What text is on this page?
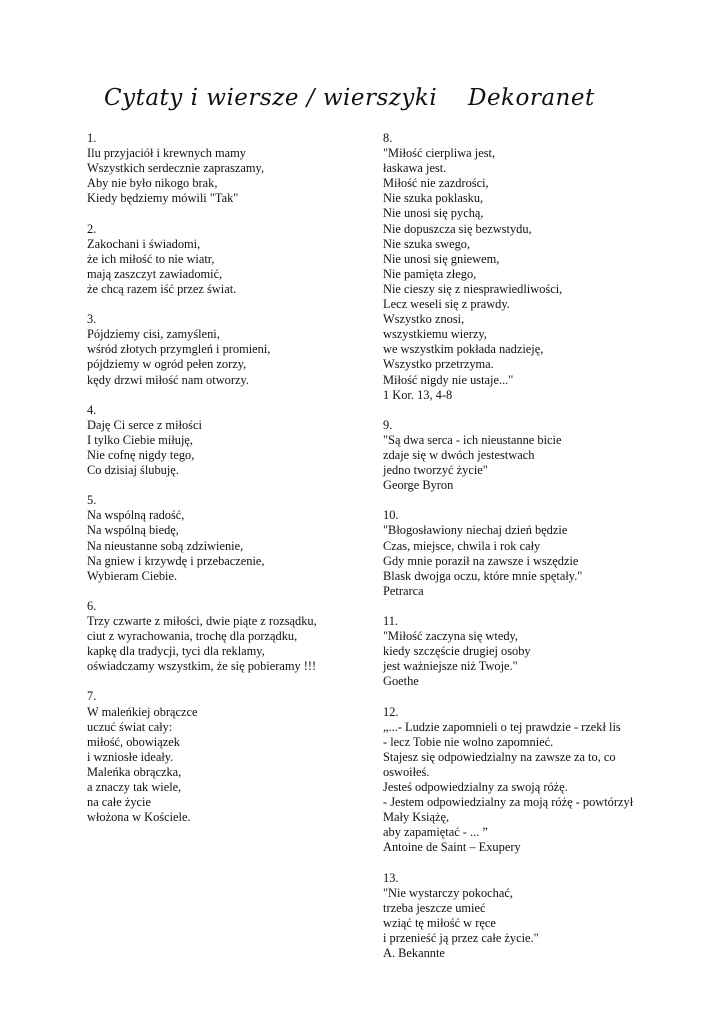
Cytaty i wiersze / wierszyki Dekoranet
1.
Ilu przyjaciół i krewnych mamy
Wszystkich serdecznie zapraszamy,
Aby nie było nikogo brak,
Kiedy będziemy mówili "Tak"
2.
Zakochani i świadomi,
że ich miłość to nie wiatr,
mają zaszczyt zawiadomić,
że chcą razem iść przez świat.
3.
Pójdziemy cisi, zamyśleni,
wśród złotych przymgleń i promieni,
pójdziemy w ogród pełen zorzy,
kędy drzwi miłość nam otworzy.
4.
Daję Ci serce z miłości
I tylko Ciebie miłuję,
Nie cofnę nigdy tego,
Co dzisiaj ślubuję.
5.
Na wspólną radość,
Na wspólną biedę,
Na nieustanne sobą zdziwienie,
Na gniew i krzywdę i przebaczenie,
Wybieram Ciebie.
6.
Trzy czwarte z miłości, dwie piąte z rozsądku,
ciut z wyrachowania, trochę dla porządku,
kapkę dla tradycji, tyci dla reklamy,
oświadczamy wszystkim, że się pobieramy !!!
7.
W maleńkiej obrączce
uczuć świat cały:
miłość, obowiązek
i wzniosłe ideały.
Maleńka obrączka,
a znaczy tak wiele,
na całe życie
włożona w Kościele.
8.
"Miłość cierpliwa jest,
łaskawa jest.
Miłość nie zazdrości,
Nie szuka poklasku,
Nie unosi się pychą,
Nie dopuszcza się bezwstydu,
Nie szuka swego,
Nie unosi się gniewem,
Nie pamięta złego,
Nie cieszy się z niesprawiedliwości,
Lecz weseli się z prawdy.
Wszystko znosi,
wszystkiemu wierzy,
we wszystkim pokłada nadzieję,
Wszystko przetrzyma.
Miłość nigdy nie ustaje..."
1 Kor. 13, 4-8
9.
"Są dwa serca - ich nieustanne bicie
zdaje się w dwóch jestestwach
jedno tworzyć życie"
George Byron
10.
"Błogosławiony niechaj dzień będzie
Czas, miejsce, chwila i rok cały
Gdy mnie poraził na zawsze i wszędzie
Blask dwojga oczu, które mnie spętały."
Petrarca
11.
"Miłość zaczyna się wtedy,
kiedy szczęście drugiej osoby
jest ważniejsze niż Twoje."
Goethe
12.
„...- Ludzie zapomnieli o tej prawdzie - rzekł lis
- lecz Tobie nie wolno zapomnieć.
Stajesz się odpowiedzialny na zawsze za to, co
oswoiłeś.
Jesteś odpowiedzialny za swoją różę.
- Jestem odpowiedzialny za moją różę - powtórzył
Mały Książę,
aby zapamiętać - ... ”
Antoine de Saint – Exupery
13.
"Nie wystarczy pokochać,
trzeba jeszcze umieć
wziąć tę miłość w ręce
i przenieść ją przez całe życie."
A. Bekannte
